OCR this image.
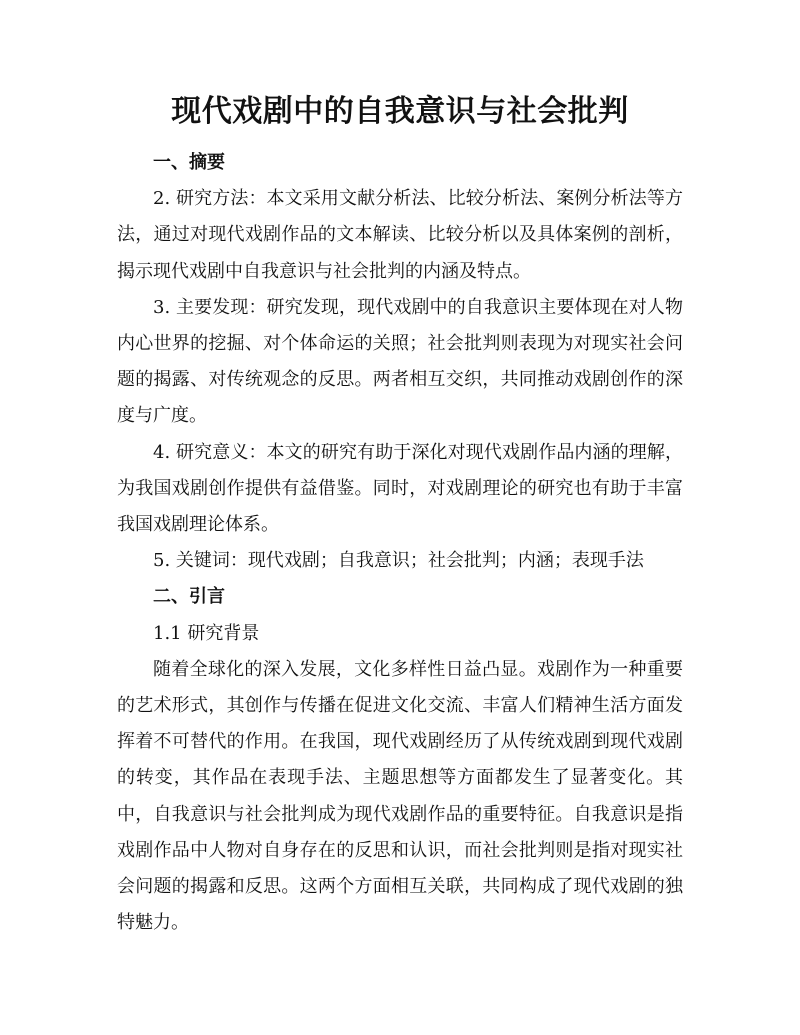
现代戏剧中的自我意识与社会批判

一、摘要

2. 研究方法：本文采用文献分析法、比较分析法、案例分析法等方法，通过对现代戏剧作品的文本解读、比较分析以及具体案例的剖析，揭示现代戏剧中自我意识与社会批判的内涵及特点。

3. 主要发现：研究发现，现代戏剧中的自我意识主要体现在对人物内心世界的挖掘、对个体命运的关照；社会批判则表现为对现实社会问题的揭露、对传统观念的反思。两者相互交织，共同推动戏剧创作的深度与广度。

4. 研究意义：本文的研究有助于深化对现代戏剧作品内涵的理解，为我国戏剧创作提供有益借鉴。同时，对戏剧理论的研究也有助于丰富我国戏剧理论体系。

5. 关键词：现代戏剧；自我意识；社会批判；内涵；表现手法

二、引言

1.1 研究背景

随着全球化的深入发展，文化多样性日益凸显。戏剧作为一种重要的艺术形式，其创作与传播在促进文化交流、丰富人们精神生活方面发挥着不可替代的作用。在我国，现代戏剧经历了从传统戏剧到现代戏剧的转变，其作品在表现手法、主题思想等方面都发生了显著变化。其中，自我意识与社会批判成为现代戏剧作品的重要特征。自我意识是指戏剧作品中人物对自身存在的反思和认识，而社会批判则是指对现实社会问题的揭露和反思。这两个方面相互关联，共同构成了现代戏剧的独特魅力。
